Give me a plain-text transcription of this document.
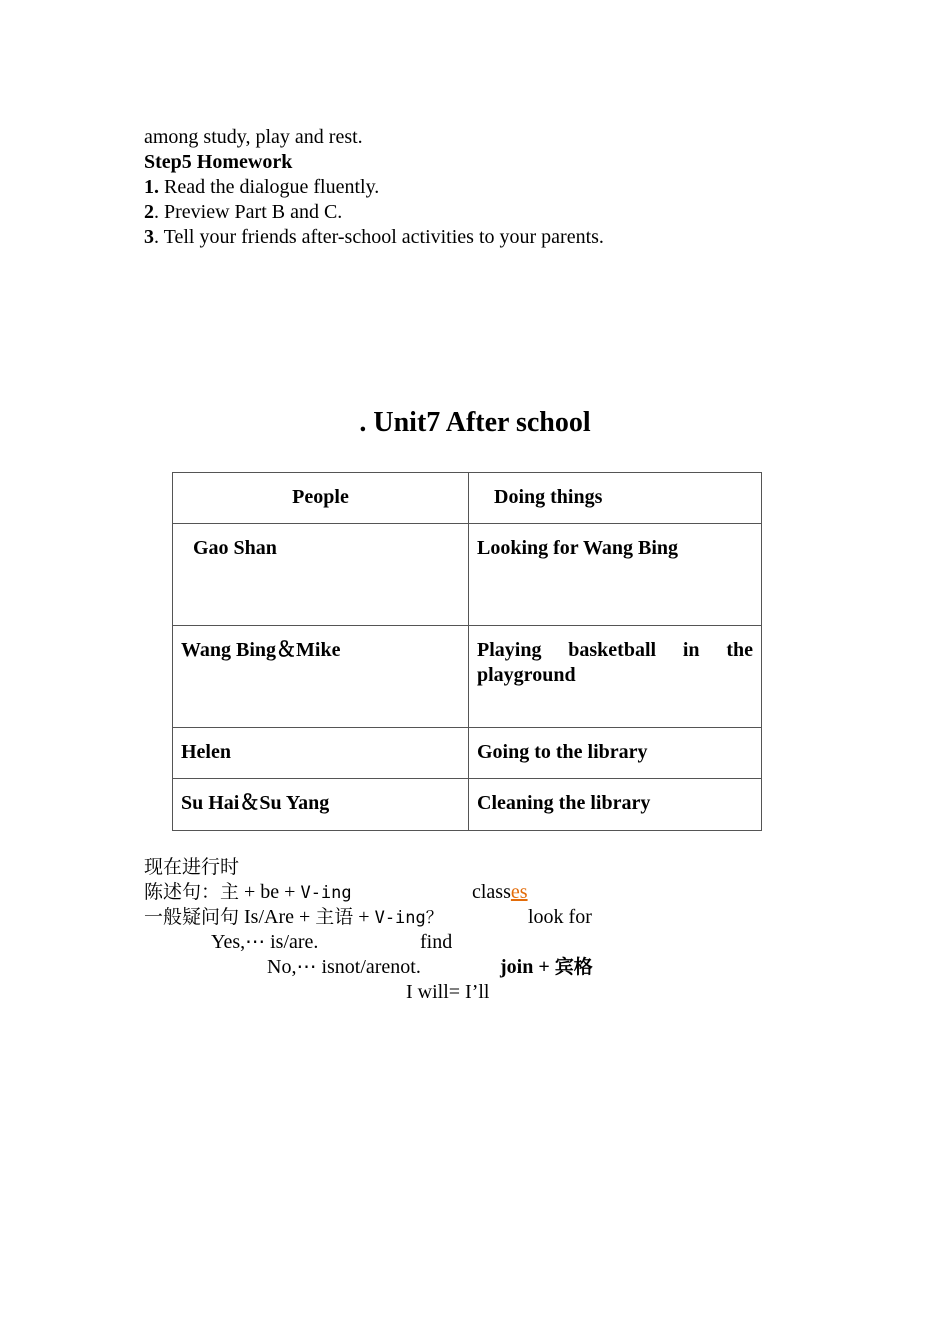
among study, play and rest.
Step5 Homework
1. Read the dialogue fluently.
2. Preview Part B and C.
3. Tell your friends after-school activities to your parents.
. Unit7 After school
People	Doing things
Gao Shan	Looking for Wang Bing
Wang Bing＆Mike	Playing basketball in the playground
Helen	Going to the library
Su Hai＆Su Yang	Cleaning the library
现在进行时
陈述句：主 + be + V-ing	classes
一般疑问句 Is/Are + 主语 + V-ing？	look for
Yes,⋯ is/are.	find
No,⋯ isnot/arenot.	join + 宾格
I will= I’ll
